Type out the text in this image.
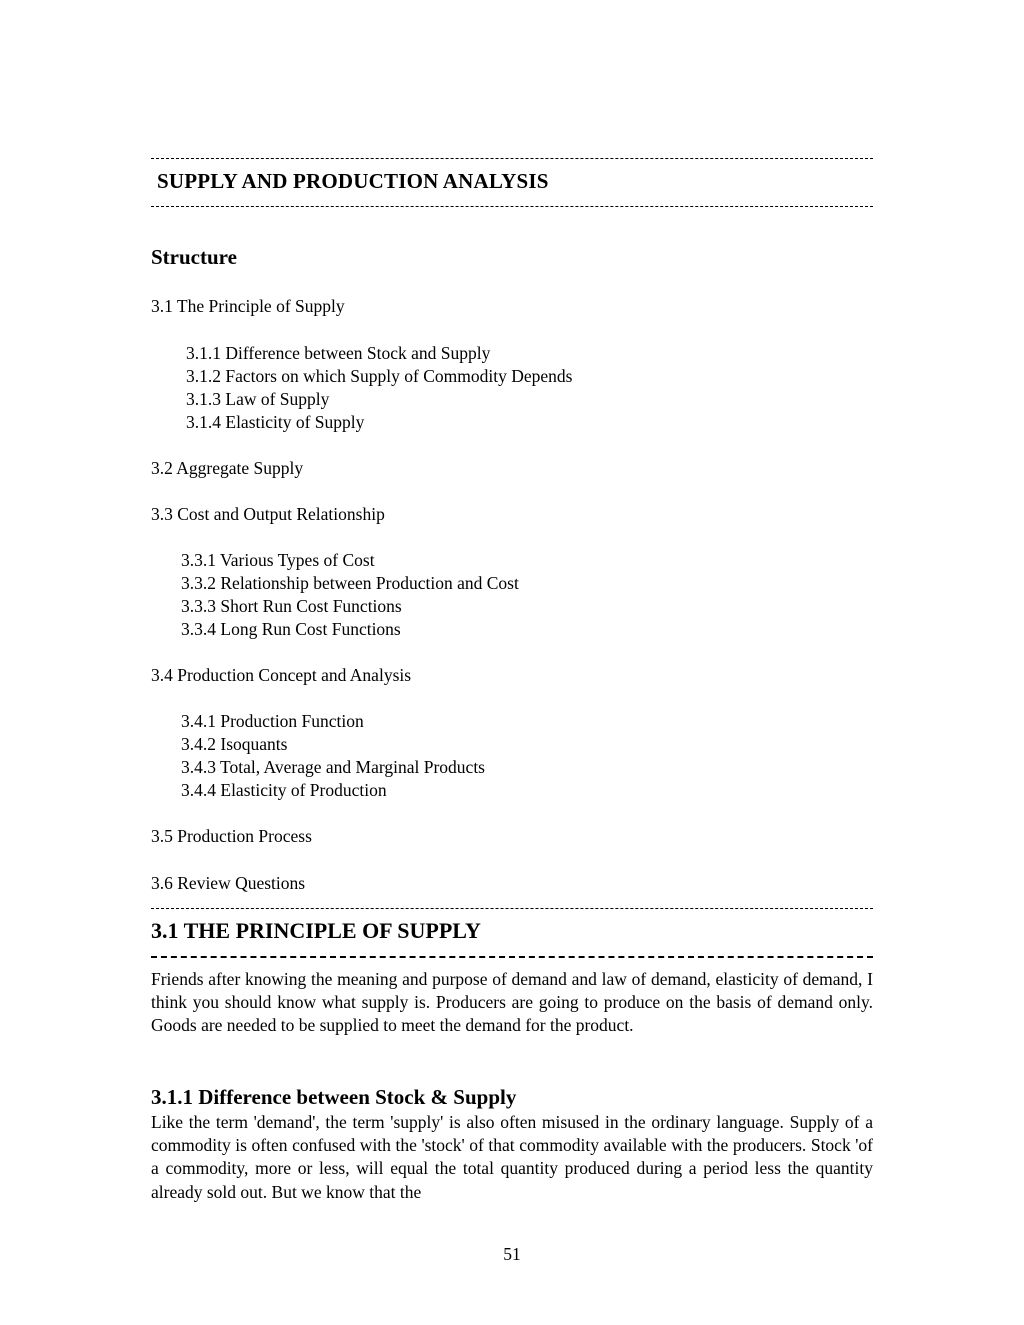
SUPPLY AND PRODUCTION ANALYSIS
Structure
3.1 The Principle of Supply
3.1.1 Difference between Stock and Supply
3.1.2 Factors on which Supply of Commodity Depends
3.1.3 Law of Supply
3.1.4 Elasticity of Supply
3.2 Aggregate Supply
3.3 Cost and Output Relationship
3.3.1 Various Types of Cost
3.3.2 Relationship between Production and Cost
3.3.3 Short Run Cost Functions
3.3.4 Long Run Cost Functions
3.4 Production Concept and Analysis
3.4.1 Production Function
3.4.2 Isoquants
3.4.3 Total, Average and Marginal Products
3.4.4 Elasticity of Production
3.5 Production Process
3.6 Review Questions
3.1 THE PRINCIPLE OF SUPPLY

Friends after knowing the meaning and purpose of demand and law of demand, elasticity of demand, I think you should know what supply is. Producers are going to produce on the basis of demand only. Goods are needed to be supplied to meet the demand for the product.

3.1.1 Difference between Stock & Supply

Like the term 'demand', the term 'supply' is also often misused in the ordinary language. Supply of a commodity is often confused with the 'stock' of that commodity available with the producers. Stock 'of a commodity, more or less, will equal the total quantity produced during a period less the quantity already sold out. But we know that the

51
